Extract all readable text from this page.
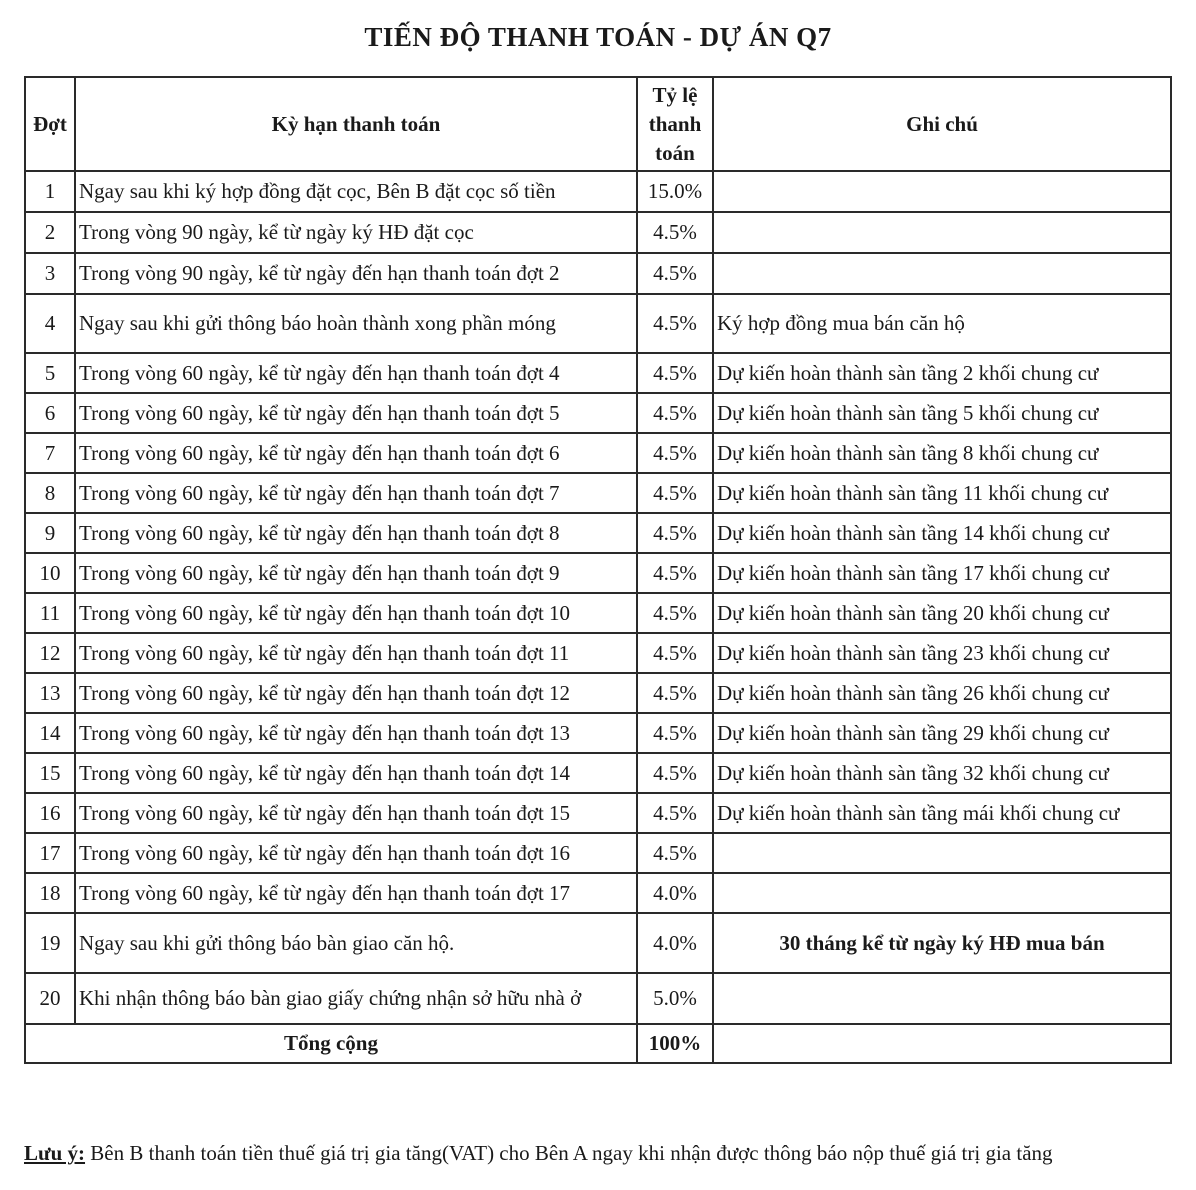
TIẾN ĐỘ THANH TOÁN - DỰ ÁN Q7
Đợt	Kỳ hạn thanh toán	Tỷ lệ
thanh
toán	Ghi chú
1	Ngay sau khi ký hợp đồng đặt cọc, Bên B đặt cọc số tiền	15.0%	
2	Trong vòng 90 ngày, kể từ ngày ký HĐ đặt cọc	4.5%	
3	Trong vòng 90 ngày, kể từ ngày đến hạn thanh toán đợt 2	4.5%	
4	Ngay sau khi gửi thông báo hoàn thành xong phần móng	4.5%	Ký hợp đồng mua bán căn hộ
5	Trong vòng 60 ngày, kể từ ngày đến hạn thanh toán đợt 4	4.5%	Dự kiến hoàn thành sàn tầng 2 khối chung cư
6	Trong vòng 60 ngày, kể từ ngày đến hạn thanh toán đợt 5	4.5%	Dự kiến hoàn thành sàn tầng 5 khối chung cư
7	Trong vòng 60 ngày, kể từ ngày đến hạn thanh toán đợt 6	4.5%	Dự kiến hoàn thành sàn tầng 8 khối chung cư
8	Trong vòng 60 ngày, kể từ ngày đến hạn thanh toán đợt 7	4.5%	Dự kiến hoàn thành sàn tầng 11 khối chung cư
9	Trong vòng 60 ngày, kể từ ngày đến hạn thanh toán đợt 8	4.5%	Dự kiến hoàn thành sàn tầng 14 khối chung cư
10	Trong vòng 60 ngày, kể từ ngày đến hạn thanh toán đợt 9	4.5%	Dự kiến hoàn thành sàn tầng 17 khối chung cư
11	Trong vòng 60 ngày, kể từ ngày đến hạn thanh toán đợt 10	4.5%	Dự kiến hoàn thành sàn tầng 20 khối chung cư
12	Trong vòng 60 ngày, kể từ ngày đến hạn thanh toán đợt 11	4.5%	Dự kiến hoàn thành sàn tầng 23 khối chung cư
13	Trong vòng 60 ngày, kể từ ngày đến hạn thanh toán đợt 12	4.5%	Dự kiến hoàn thành sàn tầng 26 khối chung cư
14	Trong vòng 60 ngày, kể từ ngày đến hạn thanh toán đợt 13	4.5%	Dự kiến hoàn thành sàn tầng 29 khối chung cư
15	Trong vòng 60 ngày, kể từ ngày đến hạn thanh toán đợt 14	4.5%	Dự kiến hoàn thành sàn tầng 32 khối chung cư
16	Trong vòng 60 ngày, kể từ ngày đến hạn thanh toán đợt 15	4.5%	Dự kiến hoàn thành sàn tầng mái khối chung cư
17	Trong vòng 60 ngày, kể từ ngày đến hạn thanh toán đợt 16	4.5%	
18	Trong vòng 60 ngày, kể từ ngày đến hạn thanh toán đợt 17	4.0%	
19	Ngay sau khi gửi thông báo bàn giao căn hộ.	4.0%	30 tháng kể từ ngày ký HĐ mua bán
20	Khi nhận thông báo bàn giao giấy chứng nhận sở hữu nhà ở	5.0%	
Tổng cộng		100%	
Lưu ý: Bên B thanh toán tiền thuế giá trị gia tăng(VAT) cho Bên A ngay khi nhận được thông báo nộp thuế giá trị gia tăng
